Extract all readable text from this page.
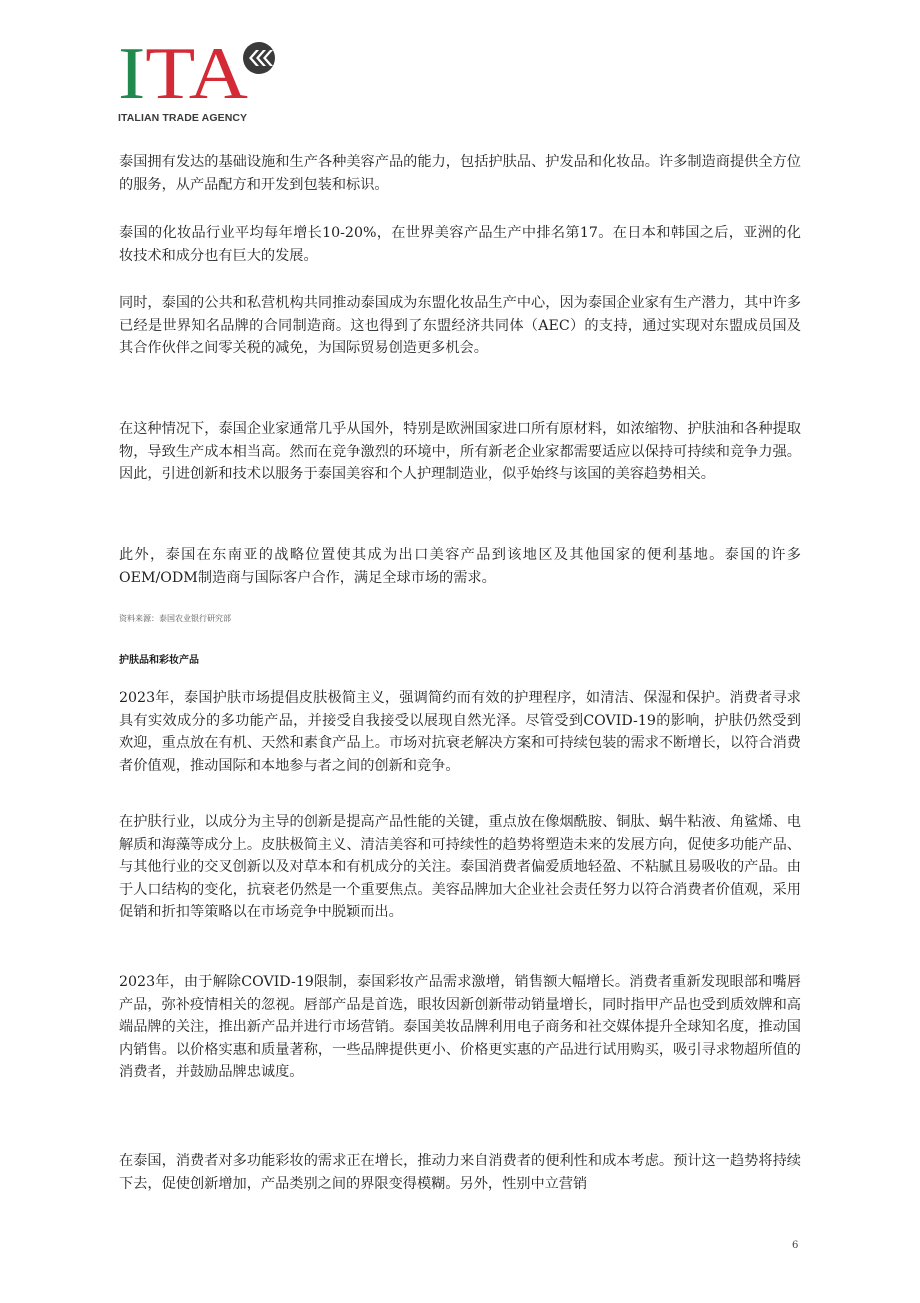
ITA
ITALIAN TRADE AGENCY

泰国拥有发达的基础设施和生产各种美容产品的能力，包括护肤品、护发品和化妆品。许多制造商提供全方位的服务，从产品配方和开发到包装和标识。

泰国的化妆品行业平均每年增长10-20%，在世界美容产品生产中排名第17。在日本和韩国之后，亚洲的化妆技术和成分也有巨大的发展。

同时，泰国的公共和私营机构共同推动泰国成为东盟化妆品生产中心，因为泰国企业家有生产潜力，其中许多已经是世界知名品牌的合同制造商。这也得到了东盟经济共同体（AEC）的支持，通过实现对东盟成员国及其合作伙伴之间零关税的减免，为国际贸易创造更多机会。

在这种情况下，泰国企业家通常几乎从国外，特别是欧洲国家进口所有原材料，如浓缩物、护肤油和各种提取物，导致生产成本相当高。然而在竞争激烈的环境中，所有新老企业家都需要适应以保持可持续和竞争力强。因此，引进创新和技术以服务于泰国美容和个人护理制造业，似乎始终与该国的美容趋势相关。

此外，泰国在东南亚的战略位置使其成为出口美容产品到该地区及其他国家的便利基地。泰国的许多OEM/ODM制造商与国际客户合作，满足全球市场的需求。

资料来源：泰国农业银行研究部

护肤品和彩妆产品

2023年，泰国护肤市场提倡皮肤极简主义，强调简约而有效的护理程序，如清洁、保湿和保护。消费者寻求具有实效成分的多功能产品，并接受自我接受以展现自然光泽。尽管受到COVID-19的影响，护肤仍然受到欢迎，重点放在有机、天然和素食产品上。市场对抗衰老解决方案和可持续包装的需求不断增长，以符合消费者价值观，推动国际和本地参与者之间的创新和竞争。

在护肤行业，以成分为主导的创新是提高产品性能的关键，重点放在像烟酰胺、铜肽、蜗牛粘液、角鲨烯、电解质和海藻等成分上。皮肤极简主义、清洁美容和可持续性的趋势将塑造未来的发展方向，促使多功能产品、与其他行业的交叉创新以及对草本和有机成分的关注。泰国消费者偏爱质地轻盈、不粘腻且易吸收的产品。由于人口结构的变化，抗衰老仍然是一个重要焦点。美容品牌加大企业社会责任努力以符合消费者价值观，采用促销和折扣等策略以在市场竞争中脱颖而出。

2023年，由于解除COVID-19限制，泰国彩妆产品需求激增，销售额大幅增长。消费者重新发现眼部和嘴唇产品，弥补疫情相关的忽视。唇部产品是首选，眼妆因新创新带动销量增长，同时指甲产品也受到质效牌和高端品牌的关注，推出新产品并进行市场营销。泰国美妆品牌利用电子商务和社交媒体提升全球知名度，推动国内销售。以价格实惠和质量著称，一些品牌提供更小、价格更实惠的产品进行试用购买，吸引寻求物超所值的消费者，并鼓励品牌忠诚度。

在泰国，消费者对多功能彩妆的需求正在增长，推动力来自消费者的便利性和成本考虑。预计这一趋势将持续下去，促使创新增加，产品类别之间的界限变得模糊。另外，性别中立营销

6
